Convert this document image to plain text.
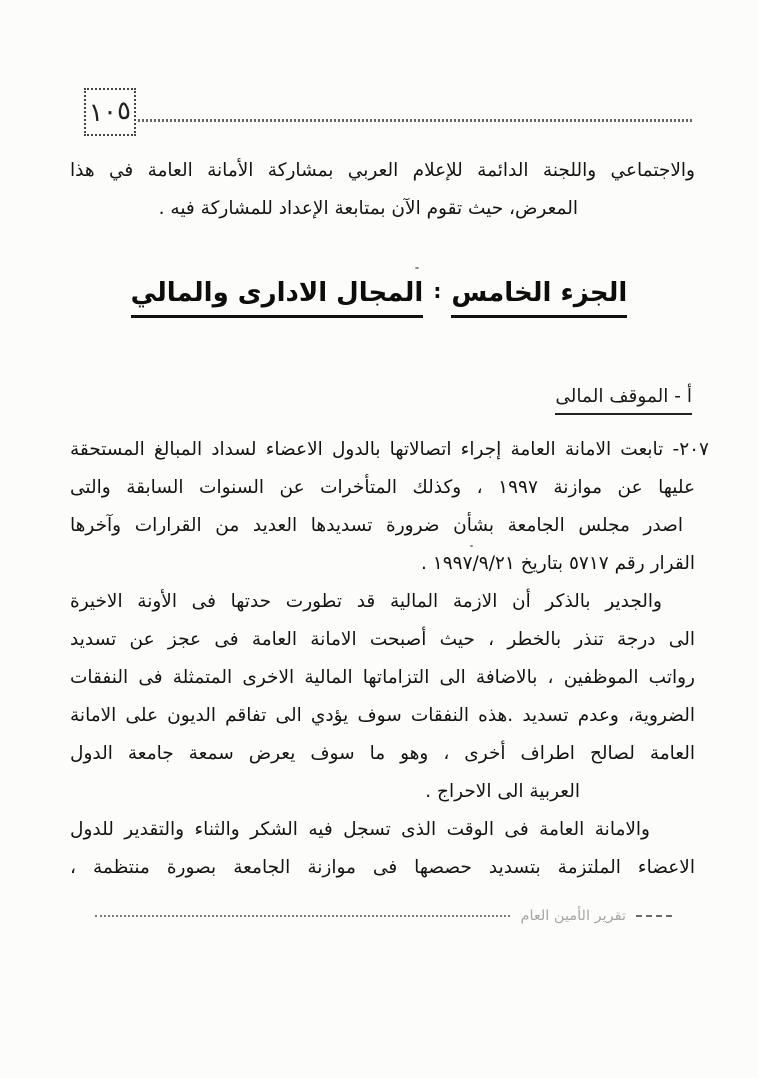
١٠٥
والاجتماعي واللجنة الدائمة للإعلام العربي بمشاركة الأمانة العامة في هذا
المعرض، حيث تقوم الآن بمتابعة الإعداد للمشاركة فيه .
الجزء الخامس:المجال الادارى والمالي
أ - الموقف المالى
٢٠٧- تابعت الامانة العامة إجراء اتصالاتها بالدول الاعضاء لسداد المبالغ المستحقة
عليها عن موازنة ١٩٩٧ ، وكذلك المتأخرات عن السنوات السابقة والتى
اصدر مجلس الجامعة بشأن ضرورة تسديدها العديد من القرارات وآخرها
القرار رقم ٥٧١٧ بتاريخ ١٩٩٧/٩/٢١ .
والجدير بالذكر أن الازمة المالية قد تطورت حدتها فى الأونة الاخيرة
الى درجة تنذر بالخطر ، حيث أصبحت الامانة العامة فى عجز عن تسديد
رواتب الموظفين ، بالاضافة الى التزاماتها المالية الاخرى المتمثلة فى النفقات
الضروية، وعدم تسديد .هذه النفقات سوف يؤدي الى تفاقم الديون على الامانة
العامة لصالح اطراف أخرى ، وهو ما سوف يعرض سمعة جامعة الدول
العربية الى الاحراج .
والامانة العامة فى الوقت الذى تسجل فيه الشكر والثناء والتقدير للدول
الاعضاء الملتزمة بتسديد حصصها فى موازنة الجامعة بصورة منتظمة ،
تقرير الأمين العام
